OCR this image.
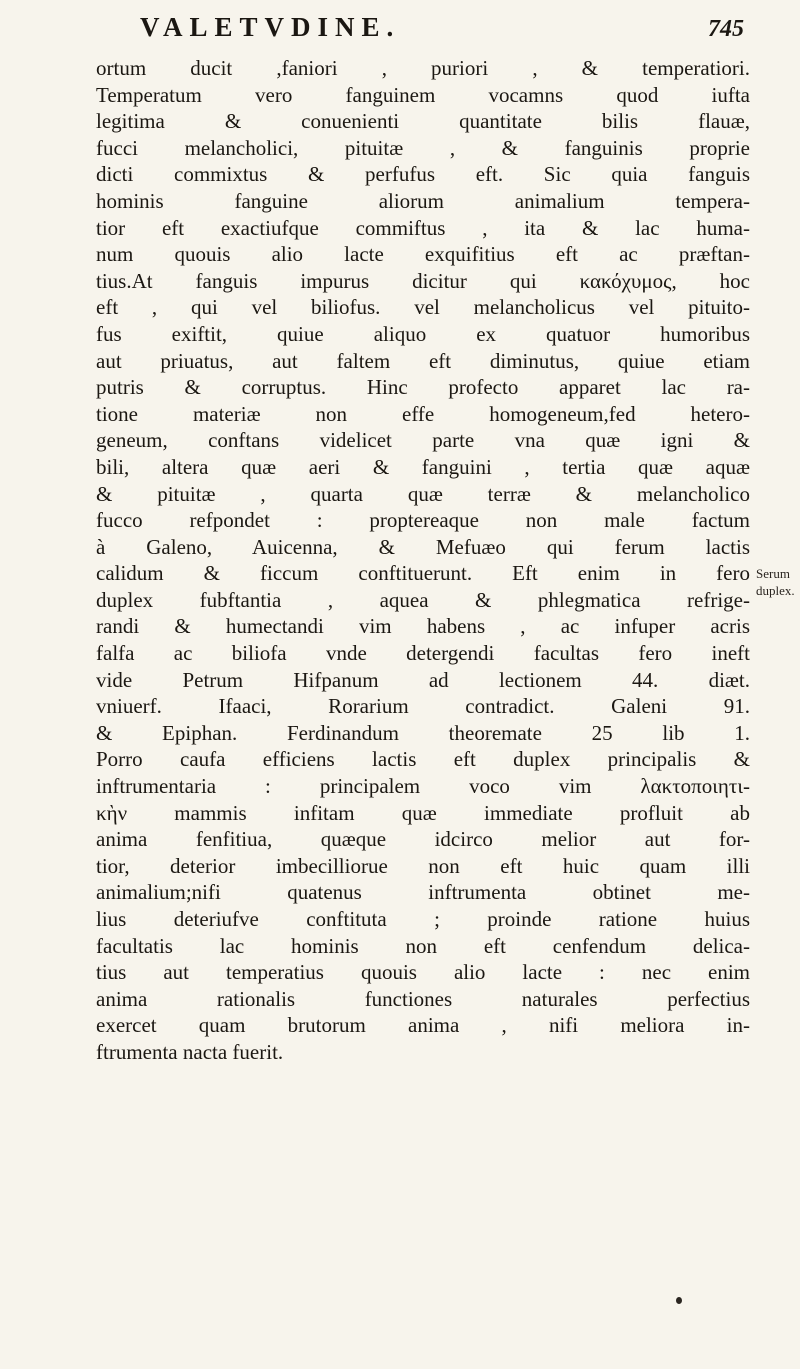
VALETVDINE.	745
ortum ducit ,faniori , puriori , & temperatiori.
Temperatum vero fanguinem vocamns quod iufta
legitima & conuenienti quantitate bilis flauæ,
fucci melancholici, pituitæ , & fanguinis proprie
dicti commixtus & perfufus eft. Sic quia fanguis
hominis fanguine aliorum animalium tempera-
tior eft exactiufque commiftus , ita & lac huma-
num quouis alio lacte exquifitius eft ac præftan-
tius.At fanguis impurus dicitur qui κακόχυμος, hoc
eft , qui vel biliofus. vel melancholicus vel pituito-
fus exiftit, quiue aliquo ex quatuor humoribus
aut priuatus, aut faltem eft diminutus, quiue etiam
putris & corruptus. Hinc profecto apparet lac ra-
tione materiæ non effe homogeneum,fed hetero-
geneum, conftans videlicet parte vna quæ igni &
bili, altera quæ aeri & fanguini , tertia quæ aquæ
& pituitæ , quarta quæ terræ & melancholico
fucco refpondet : proptereaque non male factum
à Galeno, Auicenna, & Mefuæo qui ferum lactis
calidum & ficcum conftituerunt. Eft enim in fero
duplex fubftantia , aquea & phlegmatica refrige-
randi & humectandi vim habens , ac infuper acris
falfa ac biliofa vnde detergendi facultas fero ineft
vide Petrum Hifpanum ad lectionem 44. diæt.
vniuerf. Ifaaci, Rorarium contradict. Galeni 91.
& Epiphan. Ferdinandum theoremate 25 lib 1.
Porro caufa efficiens lactis eft duplex principalis &
inftrumentaria : principalem voco vim λακτοποιητι-
κὴν mammis infitam quæ immediate profluit ab
anima fenfitiua, quæque idcirco melior aut for-
tior, deterior imbecilliorue non eft huic quam illi
animalium;nifi quatenus inftrumenta obtinet me-
lius deteriufve conftituta ; proinde ratione huius
facultatis lac hominis non eft cenfendum delica-
tius aut temperatius quouis alio lacte : nec enim
anima rationalis functiones naturales perfectius
exercet quam brutorum anima , nifi meliora in-
ftrumenta nacta fuerit.
Serum
duplex.
